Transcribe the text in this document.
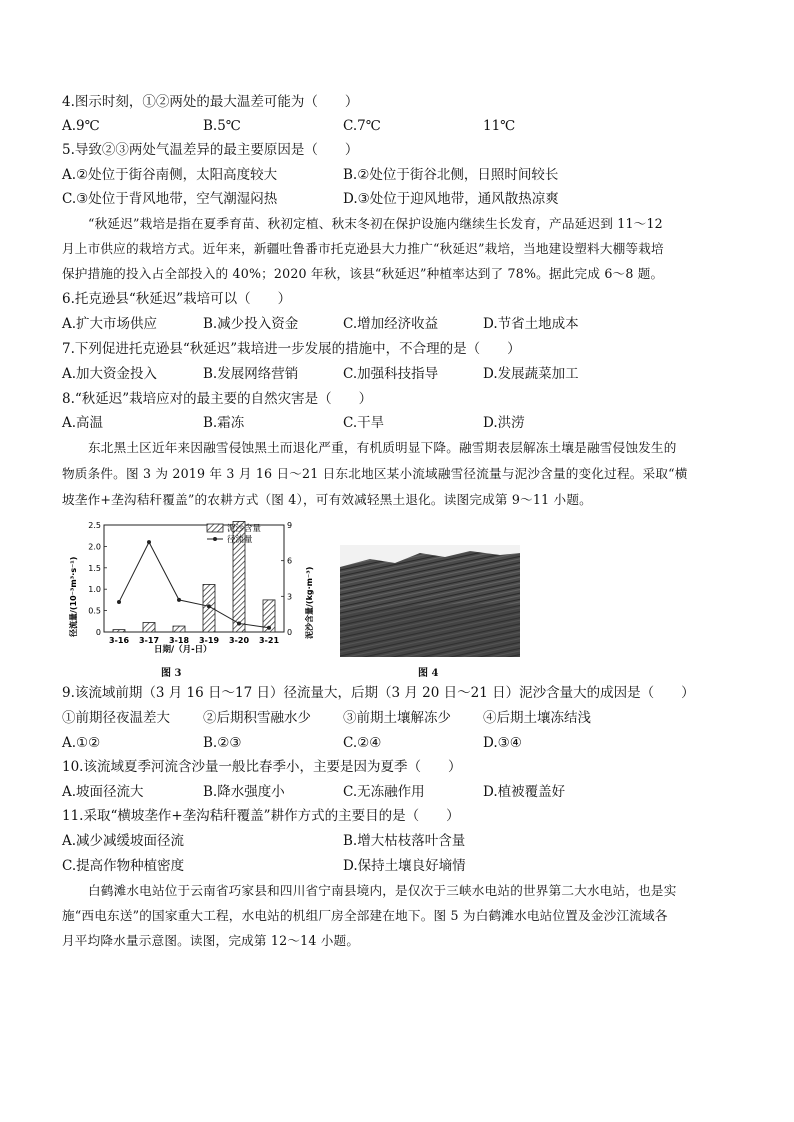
4.图示时刻，①②两处的最大温差可能为（　　）
A.9℃	B.5℃	C.7℃	11℃
5.导致②③两处气温差异的最主要原因是（　　）
A.②处位于街谷南侧，太阳高度较大	B.②处位于街谷北侧，日照时间较长
C.③处位于背风地带，空气潮湿闷热	D.③处位于迎风地带，通风散热凉爽
“秋延迟”栽培是指在夏季育苗、秋初定植、秋末冬初在保护设施内继续生长发育，产品延迟到 11～12
月上市供应的栽培方式。近年来，新疆吐鲁番市托克逊县大力推广“秋延迟”栽培，当地建设塑料大棚等栽培
保护措施的投入占全部投入的 40%；2020 年秋，该县“秋延迟”种植率达到了 78%。据此完成 6～8 题。
6.托克逊县“秋延迟”栽培可以（　　）
A.扩大市场供应	B.减少投入资金	C.增加经济收益	D.节省土地成本
7.下列促进托克逊县“秋延迟”栽培进一步发展的措施中，不合理的是（　　）
A.加大资金投入	B.发展网络营销	C.加强科技指导	D.发展蔬菜加工
8.“秋延迟”栽培应对的最主要的自然灾害是（　　）
A.高温	B.霜冻	C.干旱	D.洪涝
东北黑土区近年来因融雪侵蚀黑土而退化严重，有机质明显下降。融雪期表层解冻土壤是融雪侵蚀发生的
物质条件。图 3 为 2019 年 3 月 16 日～21 日东北地区某小流域融雪径流量与泥沙含量的变化过程。采取“横
坡垄作+垄沟秸秆覆盖”的农耕方式（图 4），可有效减轻黑土退化。读图完成第 9～11 小题。
0
0.5
1.0
1.5
2.0
2.5
0
3
6
9
3-16 3-17 3-18 3-19 3-20 3-21
泥沙含量
径流量
径流量/(10⁻³m³·s⁻¹)	泥沙含量/(kg·m⁻³)
日期/（月-日）
图 3	图 4
9.该流域前期（3 月 16 日～17 日）径流量大，后期（3 月 20 日～21 日）泥沙含量大的成因是（　　）
①前期径夜温差大 ②后期积雪融水少 ③前期土壤解冻少 ④后期土壤冻结浅
A.①②	B.②③	C.②④	D.③④
10.该流域夏季河流含沙量一般比春季小，主要是因为夏季（　　）
A.坡面径流大	B.降水强度小	C.无冻融作用	D.植被覆盖好
11.采取“横坡垄作+垄沟秸秆覆盖”耕作方式的主要目的是（　　）
A.减少减缓坡面径流	B.增大枯枝落叶含量
C.提高作物种植密度	D.保持土壤良好墒情
白鹤滩水电站位于云南省巧家县和四川省宁南县境内，是仅次于三峡水电站的世界第二大水电站，也是实
施“西电东送”的国家重大工程，水电站的机组厂房全部建在地下。图 5 为白鹤滩水电站位置及金沙江流域各
月平均降水量示意图。读图，完成第 12～14 小题。
